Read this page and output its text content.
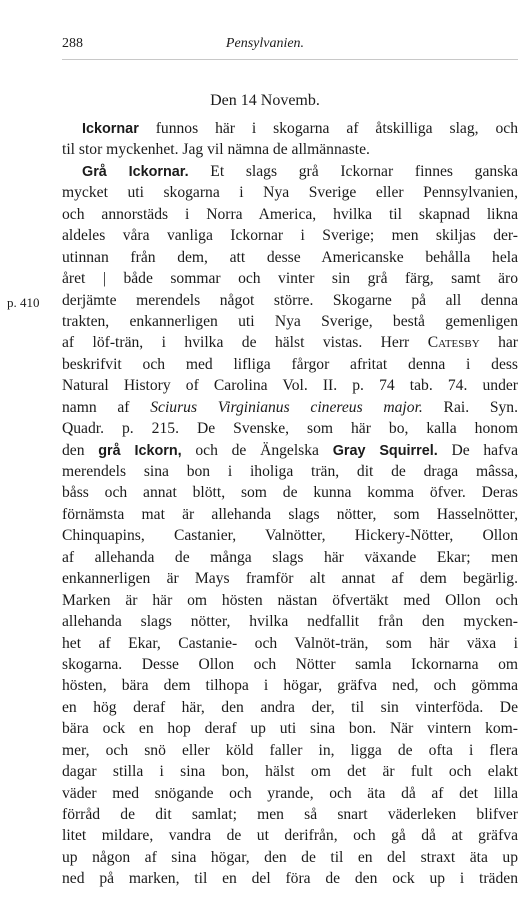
288	Pensylvanien.
Den 14 Novemb.
p. 410
Ickornar funnos här i skogarna af åtskilliga slag, och
til stor myckenhet. Jag vil nämna de allmännaste.
Grå Ickornar. Et slags grå Ickornar finnes ganska
mycket uti skogarna i Nya Sverige eller Pennsylvanien,
och annorstäds i Norra America, hvilka til skapnad likna
aldeles våra vanliga Ickornar i Sverige; men skiljas der-
utinnan från dem, att desse Americanske behålla hela
året | både sommar och vinter sin grå färg, samt äro
derjämte merendels något större. Skogarne på all denna
trakten, enkannerligen uti Nya Sverige, bestå gemenligen
af löf-trän, i hvilka de hälst vistas. Herr Catesby har
beskrifvit och med lifliga fårgor afritat denna i dess
Natural History of Carolina Vol. II. p. 74 tab. 74. under
namn af Sciurus Virginianus cinereus major. Rai. Syn.
Quadr. p. 215. De Svenske, som här bo, kalla honom
den grå Ickorn, och de Ängelska Gray Squirrel. De hafva
merendels sina bon i iholiga trän, dit de draga mâssa,
båss och annat blött, som de kunna komma öfver. Deras
förnämsta mat är allehanda slags nötter, som Hasselnötter,
Chinquapins, Castanier, Valnötter, Hickery-Nötter, Ollon
af allehanda de många slags här växande Ekar; men
enkannerligen är Mays framför alt annat af dem begärlig.
Marken är här om hösten nästan öfvertäkt med Ollon och
allehanda slags nötter, hvilka nedfallit från den mycken-
het af Ekar, Castanie- och Valnöt-trän, som här växa i
skogarna. Desse Ollon och Nötter samla Ickornarna om
hösten, bära dem tilhopa i högar, gräfva ned, och gömma
en hög deraf här, den andra der, til sin vinterföda. De
bära ock en hop deraf up uti sina bon. När vintern kom-
mer, och snö eller köld faller in, ligga de ofta i flera
dagar stilla i sina bon, hälst om det är fult och elakt
väder med snögande och yrande, och äta då af det lilla
förråd de dit samlat; men så snart väderleken blifver
litet mildare, vandra de ut derifrån, och gå då at gräfva
up någon af sina högar, den de til en del straxt äta up
ned på marken, til en del föra de den ock up i träden
